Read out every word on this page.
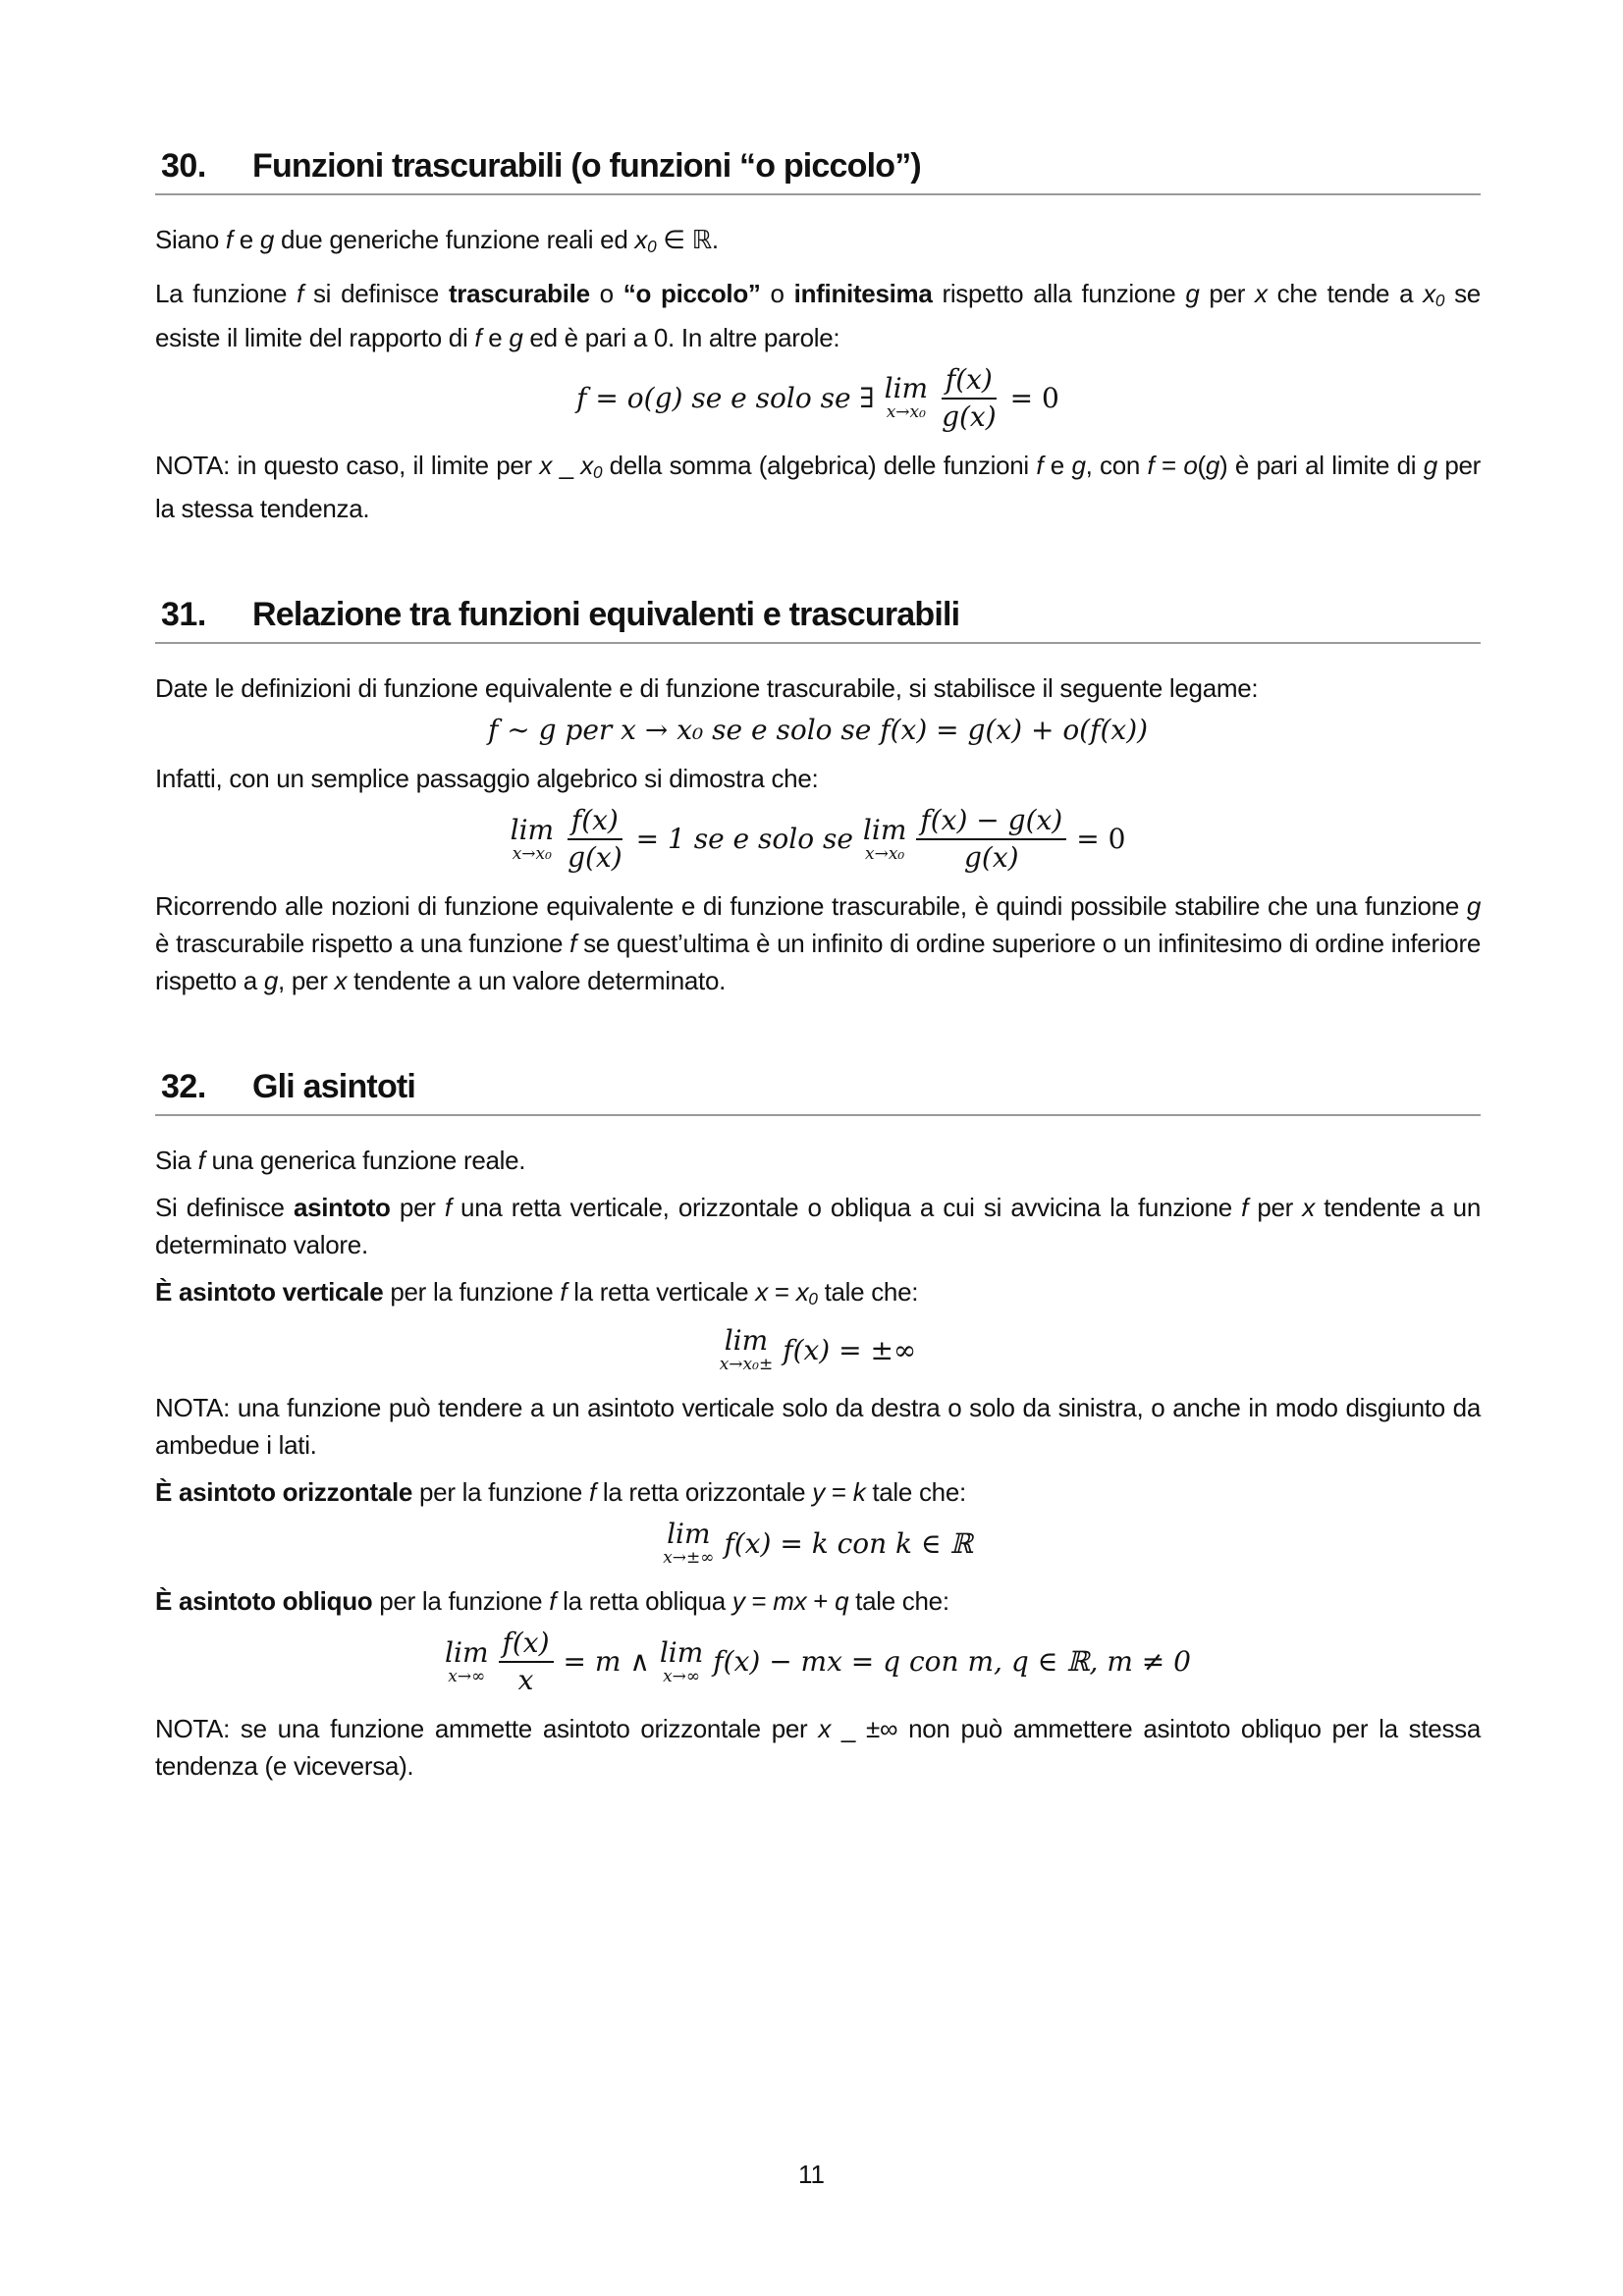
30.	Funzioni trascurabili (o funzioni “o piccolo”)

Siano f e g due generiche funzione reali ed $x_0$ ∈ ℝ.

La funzione f si definisce trascurabile o “o piccolo” o infinitesima rispetto alla funzione g per x che tende a $x_0$ se esiste il limite del rapporto di f e g ed è pari a 0. In altre parole:

f = o(g) se e solo se ∃ lim
$x\to x_0 \frac{f(x)}{g(x)} = 0$

NOTA: in questo caso, il limite per x _ $x_0$ della somma (algebrica) delle funzioni f e g, con f = o(g) è pari al limite di g per la stessa tendenza.

31.	Relazione tra funzioni equivalenti e trascurabili

Date le definizioni di funzione equivalente e di funzione trascurabile, si stabilisce il seguente legame:

f ∼ g per x → x₀ se e solo se f(x) = g(x) + o(f(x))

Infatti, con un semplice passaggio algebrico si dimostra che:

lim
$x\to x_0 \frac{f(x)}{g(x)} = 1$ se e solo se lim
$x\to x_0 \frac{f(x) - g(x)}{g(x)} = 0$

Ricorrendo alle nozioni di funzione equivalente e di funzione trascurabile, è quindi possibile stabilire che una funzione g è trascurabile rispetto a una funzione f se quest’ultima è un infinito di ordine superiore o un infinitesimo di ordine inferiore rispetto a g, per x tendente a un valore determinato.

32.	Gli asintoti

Sia f una generica funzione reale.

Si definisce asintoto per f una retta verticale, orizzontale o obliqua a cui si avvicina la funzione f per x tendente a un determinato valore.

È asintoto verticale per la funzione f la retta verticale $x = x_0$ tale che:

lim
x→x₀± f(x) = ±∞

NOTA: una funzione può tendere a un asintoto verticale solo da destra o solo da sinistra, o anche in modo disgiunto da ambedue i lati.

È asintoto orizzontale per la funzione f la retta orizzontale y = k tale che:

lim
x→±∞ f(x) = k con k ∈ ℝ

È asintoto obliquo per la funzione f la retta obliqua y = mx + q tale che:

lim
$x\to\infty \frac{f(x)}{x} = m$ ∧ lim
x→∞ f(x) − mx = q con m, q ∈ ℝ, m ≠ 0

NOTA: se una funzione ammette asintoto orizzontale per x _ ±∞ non può ammettere asintoto obliquo per la stessa tendenza (e viceversa).

11
